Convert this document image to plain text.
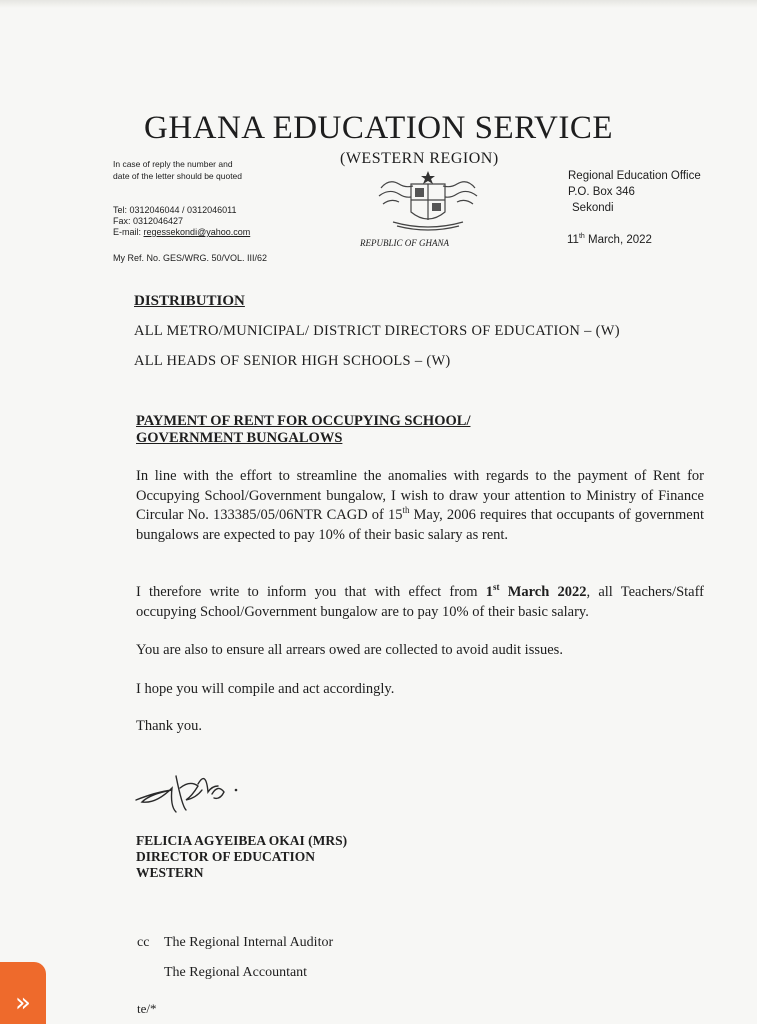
GHANA EDUCATION SERVICE
(WESTERN REGION)
In case of reply the number and date of the letter should be quoted
Tel: 0312046044 / 0312046011
Fax: 0312046427
E-mail: regessekondi@yahoo.com
My Ref. No. GES/WRG. 50/VOL. III/62
Regional Education Office
P.O. Box 346
Sekondi
11th March, 2022
REPUBLIC OF GHANA
DISTRIBUTION
ALL METRO/MUNICIPAL/ DISTRICT DIRECTORS OF EDUCATION – (W)
ALL HEADS OF SENIOR HIGH SCHOOLS – (W)
PAYMENT OF RENT FOR OCCUPYING SCHOOL/
GOVERNMENT BUNGALOWS
In line with the effort to streamline the anomalies with regards to the payment of Rent for Occupying School/Government bungalow, I wish to draw your attention to Ministry of Finance Circular No. 133385/05/06NTR CAGD of 15th May, 2006 requires that occupants of government bungalows are expected to pay 10% of their basic salary as rent.
I therefore write to inform you that with effect from 1st March 2022, all Teachers/Staff occupying School/Government bungalow are to pay 10% of their basic salary.
You are also to ensure all arrears owed are collected to avoid audit issues.
I hope you will compile and act accordingly.
Thank you.
FELICIA AGYEIBEA OKAI (MRS)
DIRECTOR OF EDUCATION
WESTERN
cc The Regional Internal Auditor
The Regional Accountant
te/*
»
